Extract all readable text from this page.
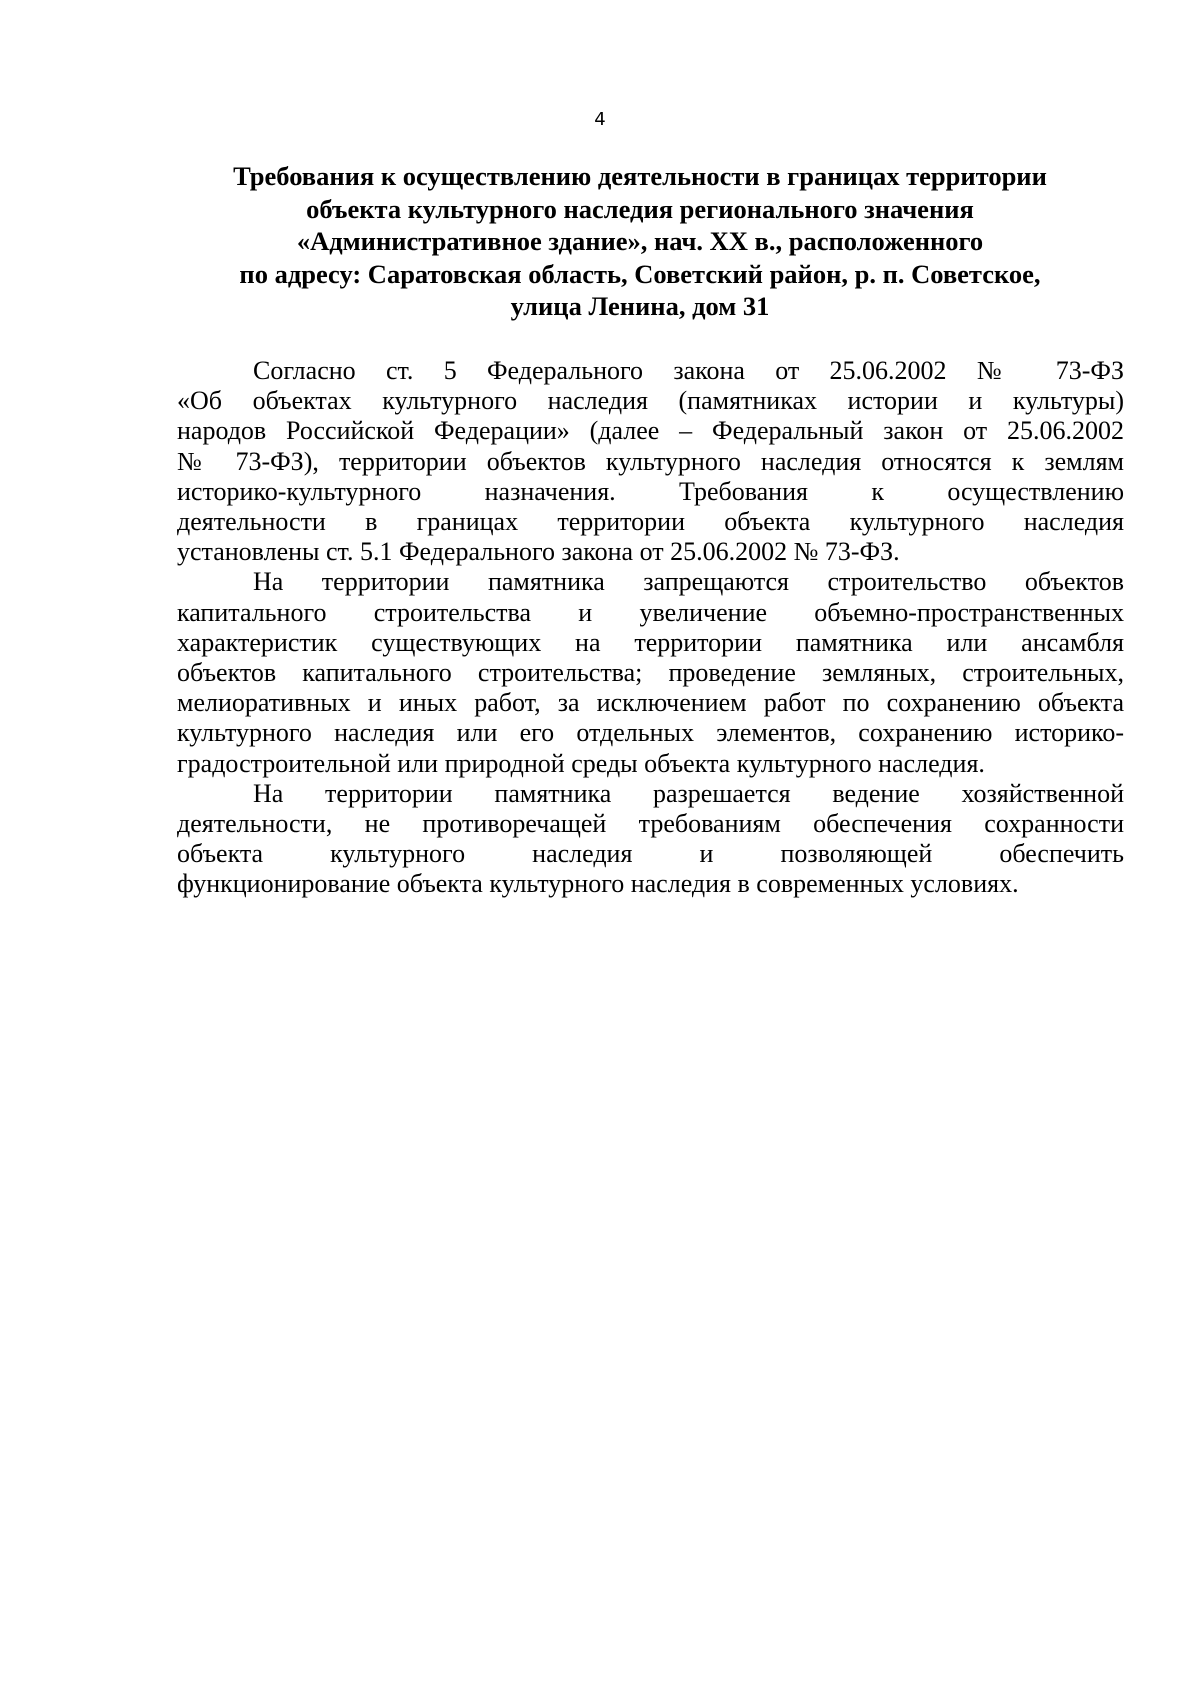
4
Требования к осуществлению деятельности в границах территории
объекта культурного наследия регионального значения
«Административное здание», нач. XX в., расположенного
по адресу: Саратовская область, Советский район, р. п. Советское,
улица Ленина, дом 31

Согласно ст. 5 Федерального закона от 25.06.2002 № 73-ФЗ
«Об объектах культурного наследия (памятниках истории и культуры)
народов Российской Федерации» (далее – Федеральный закон от 25.06.2002
№ 73-ФЗ), территории объектов культурного наследия относятся к землям
историко-культурного назначения. Требования к осуществлению
деятельности в границах территории объекта культурного наследия
установлены ст. 5.1 Федерального закона от 25.06.2002 № 73-ФЗ.

На территории памятника запрещаются строительство объектов
капитального строительства и увеличение объемно-пространственных
характеристик существующих на территории памятника или ансамбля
объектов капитального строительства; проведение земляных, строительных,
мелиоративных и иных работ, за исключением работ по сохранению объекта
культурного наследия или его отдельных элементов, сохранению историко-
градостроительной или природной среды объекта культурного наследия.

На территории памятника разрешается ведение хозяйственной
деятельности, не противоречащей требованиям обеспечения сохранности
объекта культурного наследия и позволяющей обеспечить
функционирование объекта культурного наследия в современных условиях.
